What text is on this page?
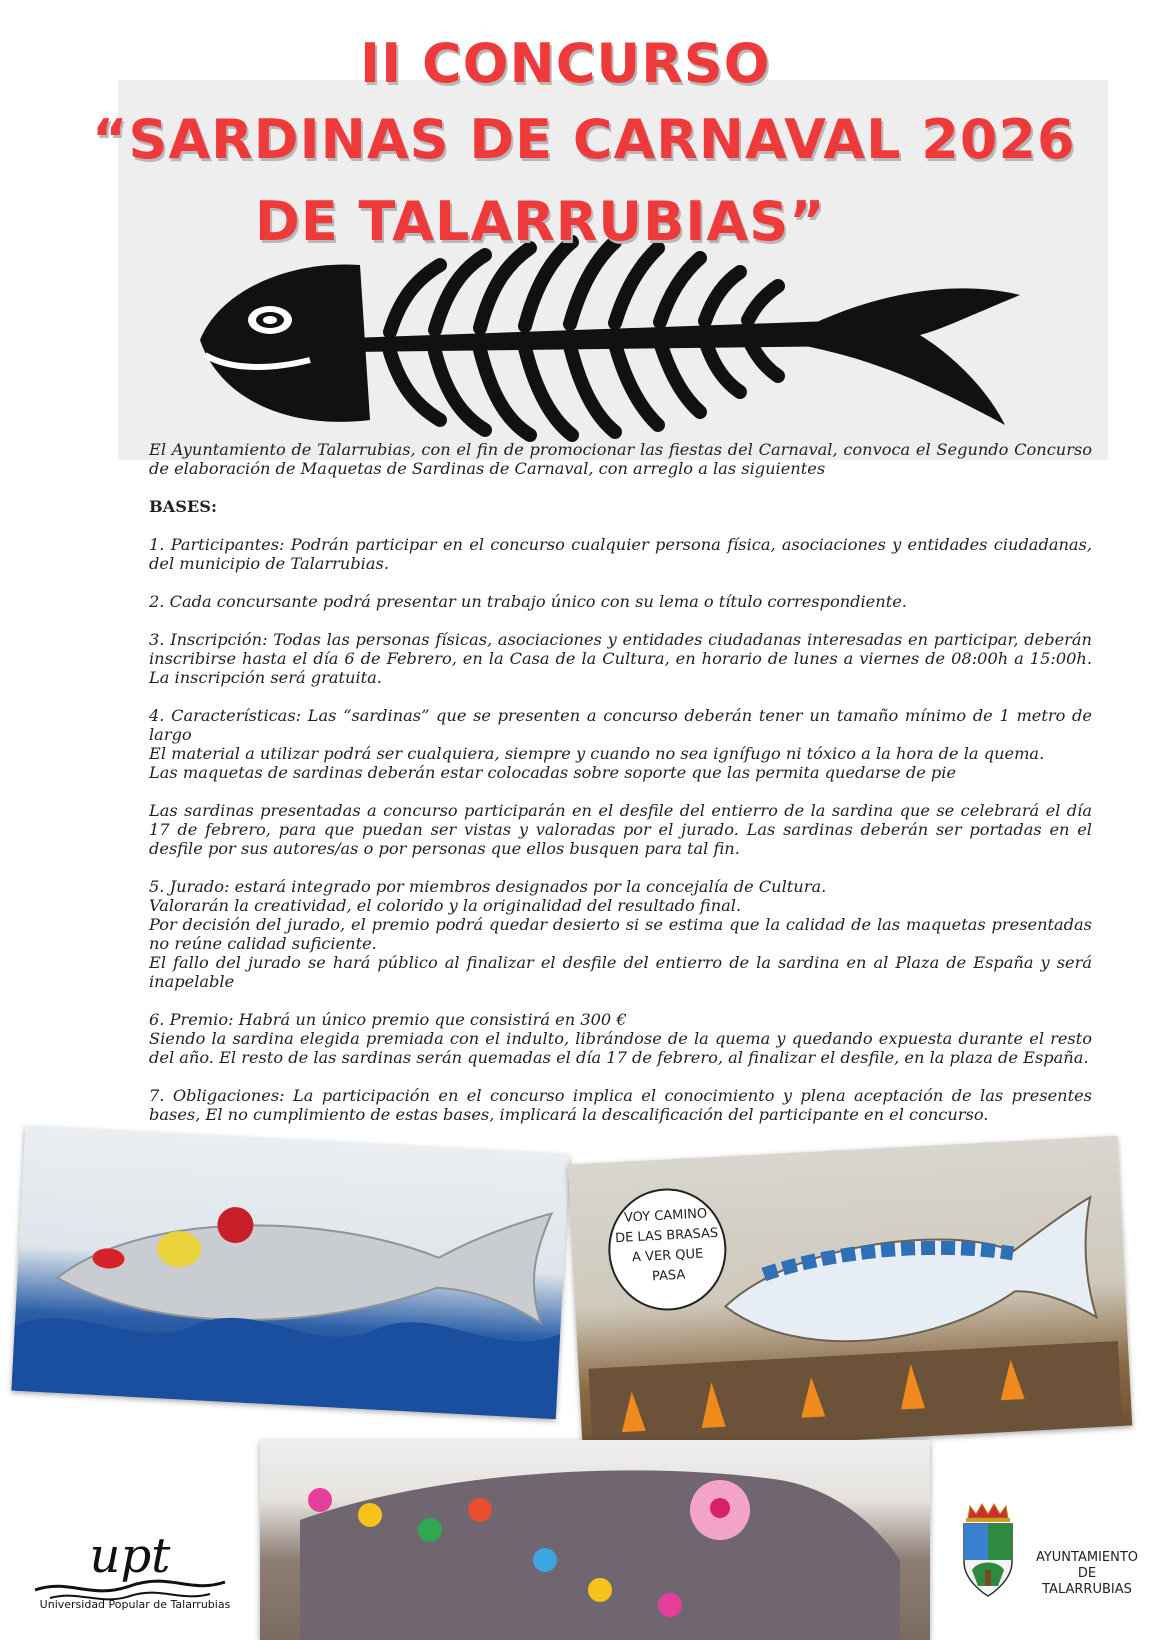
II CONCURSO
“SARDINAS DE CARNAVAL 2026
DE TALARRUBIAS”

El Ayuntamiento de Talarrubias, con el fin de promocionar las fiestas del Carnaval, convoca el Segundo Concurso de elaboración de Maquetas de Sardinas de Carnaval, con arreglo a las siguientes

BASES:

1. Participantes: Podrán participar en el concurso cualquier persona física, asociaciones y entidades ciudadanas, del municipio de Talarrubias.

2. Cada concursante podrá presentar un trabajo único con su lema o título correspondiente.

3. Inscripción: Todas las personas físicas, asociaciones y entidades ciudadanas interesadas en participar, deberán inscribirse hasta el día 6 de Febrero, en la Casa de la Cultura, en horario de lunes a viernes de 08:00h a 15:00h. La inscripción será gratuita.

4. Características: Las “sardinas” que se presenten a concurso deberán tener un tamaño mínimo de 1 metro de largo

El material a utilizar podrá ser cualquiera, siempre y cuando no sea ignífugo ni tóxico a la hora de la quema.

Las maquetas de sardinas deberán estar colocadas sobre soporte que las permita quedarse de pie

Las sardinas presentadas a concurso participarán en el desfile del entierro de la sardina que se celebrará el día 17 de febrero, para que puedan ser vistas y valoradas por el jurado. Las sardinas deberán ser portadas en el desfile por sus autores/as o por personas que ellos busquen para tal fin.

5. Jurado: estará integrado por miembros designados por la concejalía de Cultura.

Valorarán la creatividad, el colorido y la originalidad del resultado final.

Por decisión del jurado, el premio podrá quedar desierto si se estima que la calidad de las maquetas presentadas no reúne calidad suficiente.

El fallo del jurado se hará público al finalizar el desfile del entierro de la sardina en al Plaza de España y será inapelable

6. Premio: Habrá un único premio que consistirá en 300 €

Siendo la sardina elegida premiada con el indulto, librándose de la quema y quedando expuesta durante el resto del año. El resto de las sardinas serán quemadas el día 17 de febrero, al finalizar el desfile, en la plaza de España.

7. Obligaciones: La participación en el concurso implica el conocimiento y plena aceptación de las presentes bases, El no cumplimiento de estas bases, implicará la descalificación del participante en el concurso.

VOY CAMINO
DE LAS BRASAS
A VER QUE
PASA
upt
Universidad Popular de Talarrubias
AYUNTAMIENTO
DE
TALARRUBIAS
